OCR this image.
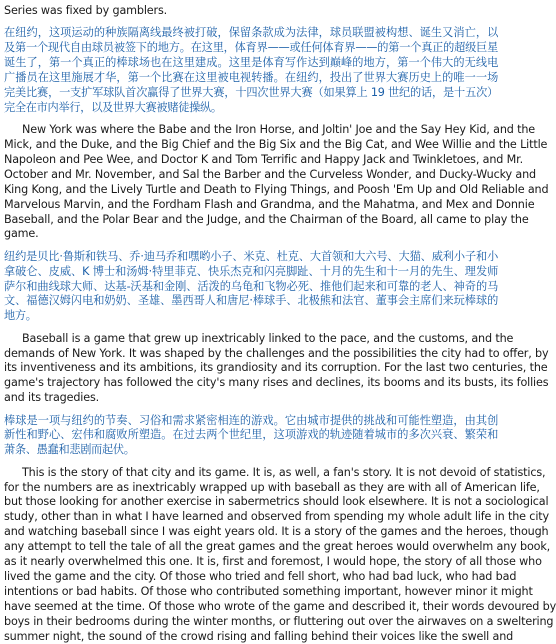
Series was fixed by gamblers.
在纽约，这项运动的种族隔离线最终被打破，保留条款成为法律，球员联盟被构想、诞生又消亡，以
及第一个现代自由球员被签下的地方。在这里，体育界——或任何体育界——的第一个真正的超级巨星
诞生了，第一个真正的棒球场也在这里建成。这里是体育写作达到巅峰的地方，第一个伟大的无线电
广播员在这里施展才华，第一个比赛在这里被电视转播。在纽约，投出了世界大赛历史上的唯一一场
完美比赛，一支扩军球队首次赢得了世界大赛，十四次世界大赛（如果算上 19 世纪的话，是十五次）
完全在市内举行，以及世界大赛被赌徒操纵。
New York was where the Babe and the Iron Horse, and Joltin' Joe and the Say Hey Kid, and the
Mick, and the Duke, and the Big Chief and the Big Six and the Big Cat, and Wee Willie and the Little
Napoleon and Pee Wee, and Doctor K and Tom Terrific and Happy Jack and Twinkletoes, and Mr.
October and Mr. November, and Sal the Barber and the Curveless Wonder, and Ducky-Wucky and
King Kong, and the Lively Turtle and Death to Flying Things, and Poosh 'Em Up and Old Reliable and
Marvelous Marvin, and the Fordham Flash and Grandma, and the Mahatma, and Mex and Donnie
Baseball, and the Polar Bear and the Judge, and the Chairman of the Board, all came to play the
game.
纽约是贝比·鲁斯和铁马、乔·迪马乔和嘿哟小子、米克、杜克、大首领和大六号、大猫、威利小子和小
拿破仑、皮威、K 博士和汤姆·特里菲克、快乐杰克和闪亮脚趾、十月的先生和十一月的先生、理发师
萨尔和曲线球大师、达基-沃基和金刚、活泼的乌龟和飞物必死、推他们起来和可靠的老人、神奇的马
文、福德汉姆闪电和奶奶、圣雄、墨西哥人和唐尼·棒球手、北极熊和法官、董事会主席们来玩棒球的
地方。
Baseball is a game that grew up inextricably linked to the pace, and the customs, and the
demands of New York. It was shaped by the challenges and the possibilities the city had to offer, by
its inventiveness and its ambitions, its grandiosity and its corruption. For the last two centuries, the
game's trajectory has followed the city's many rises and declines, its booms and its busts, its follies
and its tragedies.
棒球是一项与纽约的节奏、习俗和需求紧密相连的游戏。它由城市提供的挑战和可能性塑造，由其创
新性和野心、宏伟和腐败所塑造。在过去两个世纪里，这项游戏的轨迹随着城市的多次兴衰、繁荣和
萧条、愚蠢和悲剧而起伏。
This is the story of that city and its game. It is, as well, a fan's story. It is not devoid of statistics,
for the numbers are as inextricably wrapped up with baseball as they are with all of American life,
but those looking for another exercise in sabermetrics should look elsewhere. It is not a sociological
study, other than in what I have learned and observed from spending my whole adult life in the city
and watching baseball since I was eight years old. It is a story of the games and the heroes, though
any attempt to tell the tale of all the great games and the great heroes would overwhelm any book,
as it nearly overwhelmed this one. It is, first and foremost, I would hope, the story of all those who
lived the game and the city. Of those who tried and fell short, who had bad luck, who had bad
intentions or bad habits. Of those who contributed something important, however minor it might
have seemed at the time. Of those who wrote of the game and described it, their words devoured by
boys in their bedrooms during the winter months, or fluttering out over the airwaves on a sweltering
summer night, the sound of the crowd rising and falling behind their voices like the swell and
